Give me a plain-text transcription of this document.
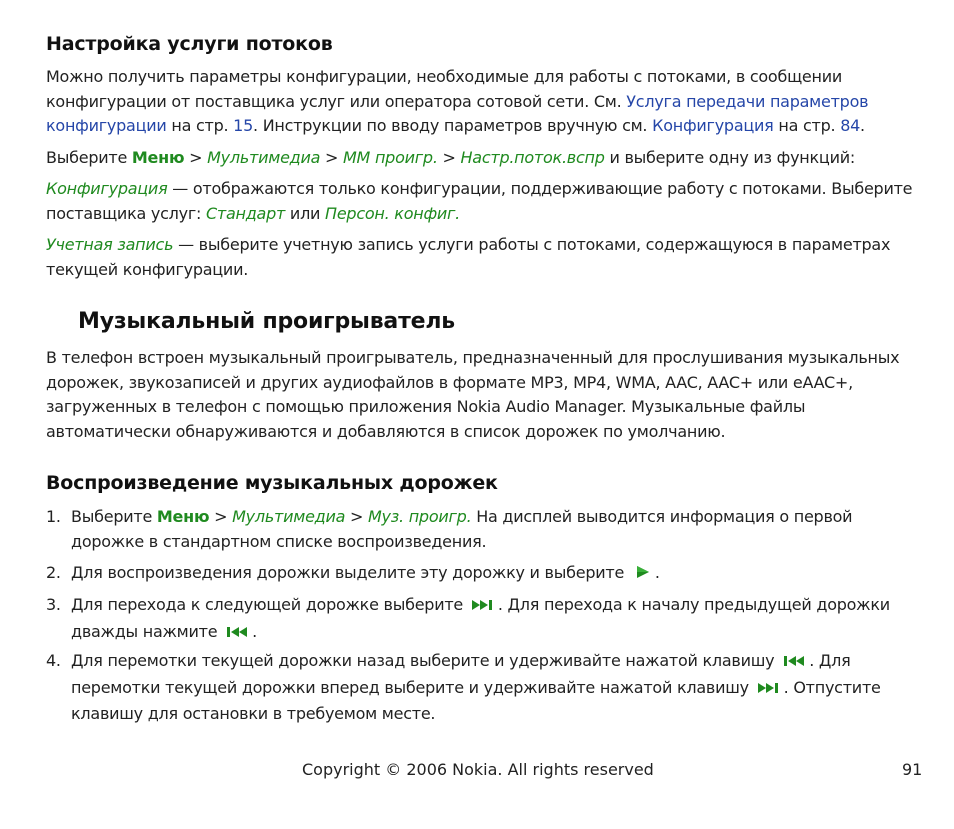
Настройка услуги потоков
Можно получить параметры конфигурации, необходимые для работы с потоками, в сообщении конфигурации от поставщика услуг или оператора сотовой сети. См. Услуга передачи параметров конфигурации на стр. 15. Инструкции по вводу параметров вручную см. Конфигурация на стр. 84.
Выберите Меню > Мультимедиа > ММ проигр. > Настр.поток.вспр и выберите одну из функций:
Конфигурация — отображаются только конфигурации, поддерживающие работу с потоками. Выберите поставщика услуг: Стандарт или Персон. конфиг.
Учетная запись — выберите учетную запись услуги работы с потоками, содержащуюся в параметрах текущей конфигурации.
Музыкальный проигрыватель
В телефон встроен музыкальный проигрыватель, предназначенный для прослушивания музыкальных дорожек, звукозаписей и других аудиофайлов в формате MP3, MP4, WMA, AAC, AAC+ или eAAC+, загруженных в телефон с помощью приложения Nokia Audio Manager. Музыкальные файлы автоматически обнаруживаются и добавляются в список дорожек по умолчанию.
Воспроизведение музыкальных дорожек
1. Выберите Меню > Мультимедиа > Муз. проигр. На дисплей выводится информация о первой дорожке в стандартном списке воспроизведения.
2. Для воспроизведения дорожки выделите эту дорожку и выберите .
3. Для перехода к следующей дорожке выберите . Для перехода к началу предыдущей дорожки дважды нажмите .
4. Для перемотки текущей дорожки назад выберите и удерживайте нажатой клавишу . Для перемотки текущей дорожки вперед выберите и удерживайте нажатой клавишу . Отпустите клавишу для остановки в требуемом месте.
Copyright © 2006 Nokia. All rights reserved	91
